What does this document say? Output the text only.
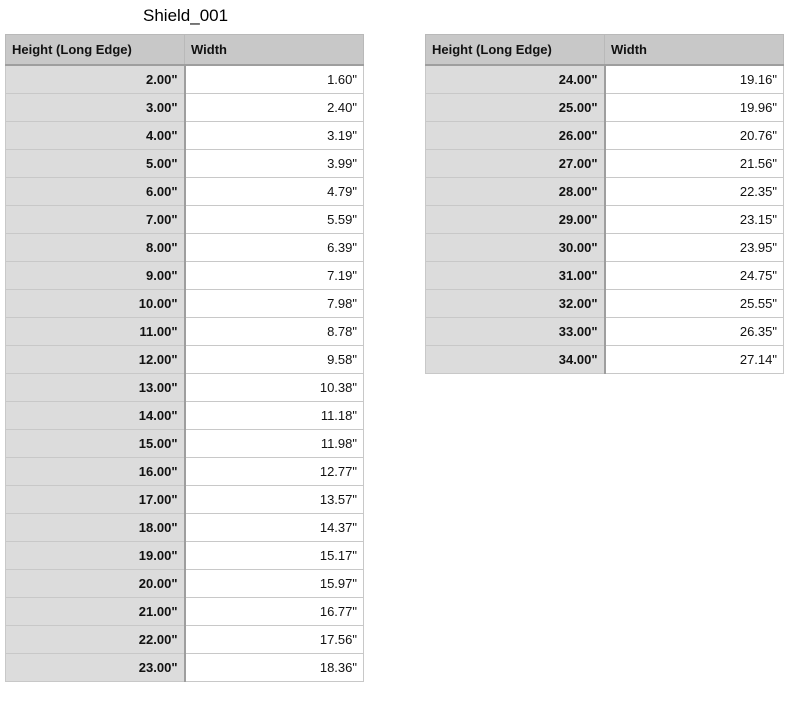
Shield_001
Height (Long Edge)	Width
2.00"	1.60"
3.00"	2.40"
4.00"	3.19"
5.00"	3.99"
6.00"	4.79"
7.00"	5.59"
8.00"	6.39"
9.00"	7.19"
10.00"	7.98"
11.00"	8.78"
12.00"	9.58"
13.00"	10.38"
14.00"	11.18"
15.00"	11.98"
16.00"	12.77"
17.00"	13.57"
18.00"	14.37"
19.00"	15.17"
20.00"	15.97"
21.00"	16.77"
22.00"	17.56"
23.00"	18.36"
Height (Long Edge)	Width
24.00"	19.16"
25.00"	19.96"
26.00"	20.76"
27.00"	21.56"
28.00"	22.35"
29.00"	23.15"
30.00"	23.95"
31.00"	24.75"
32.00"	25.55"
33.00"	26.35"
34.00"	27.14"
